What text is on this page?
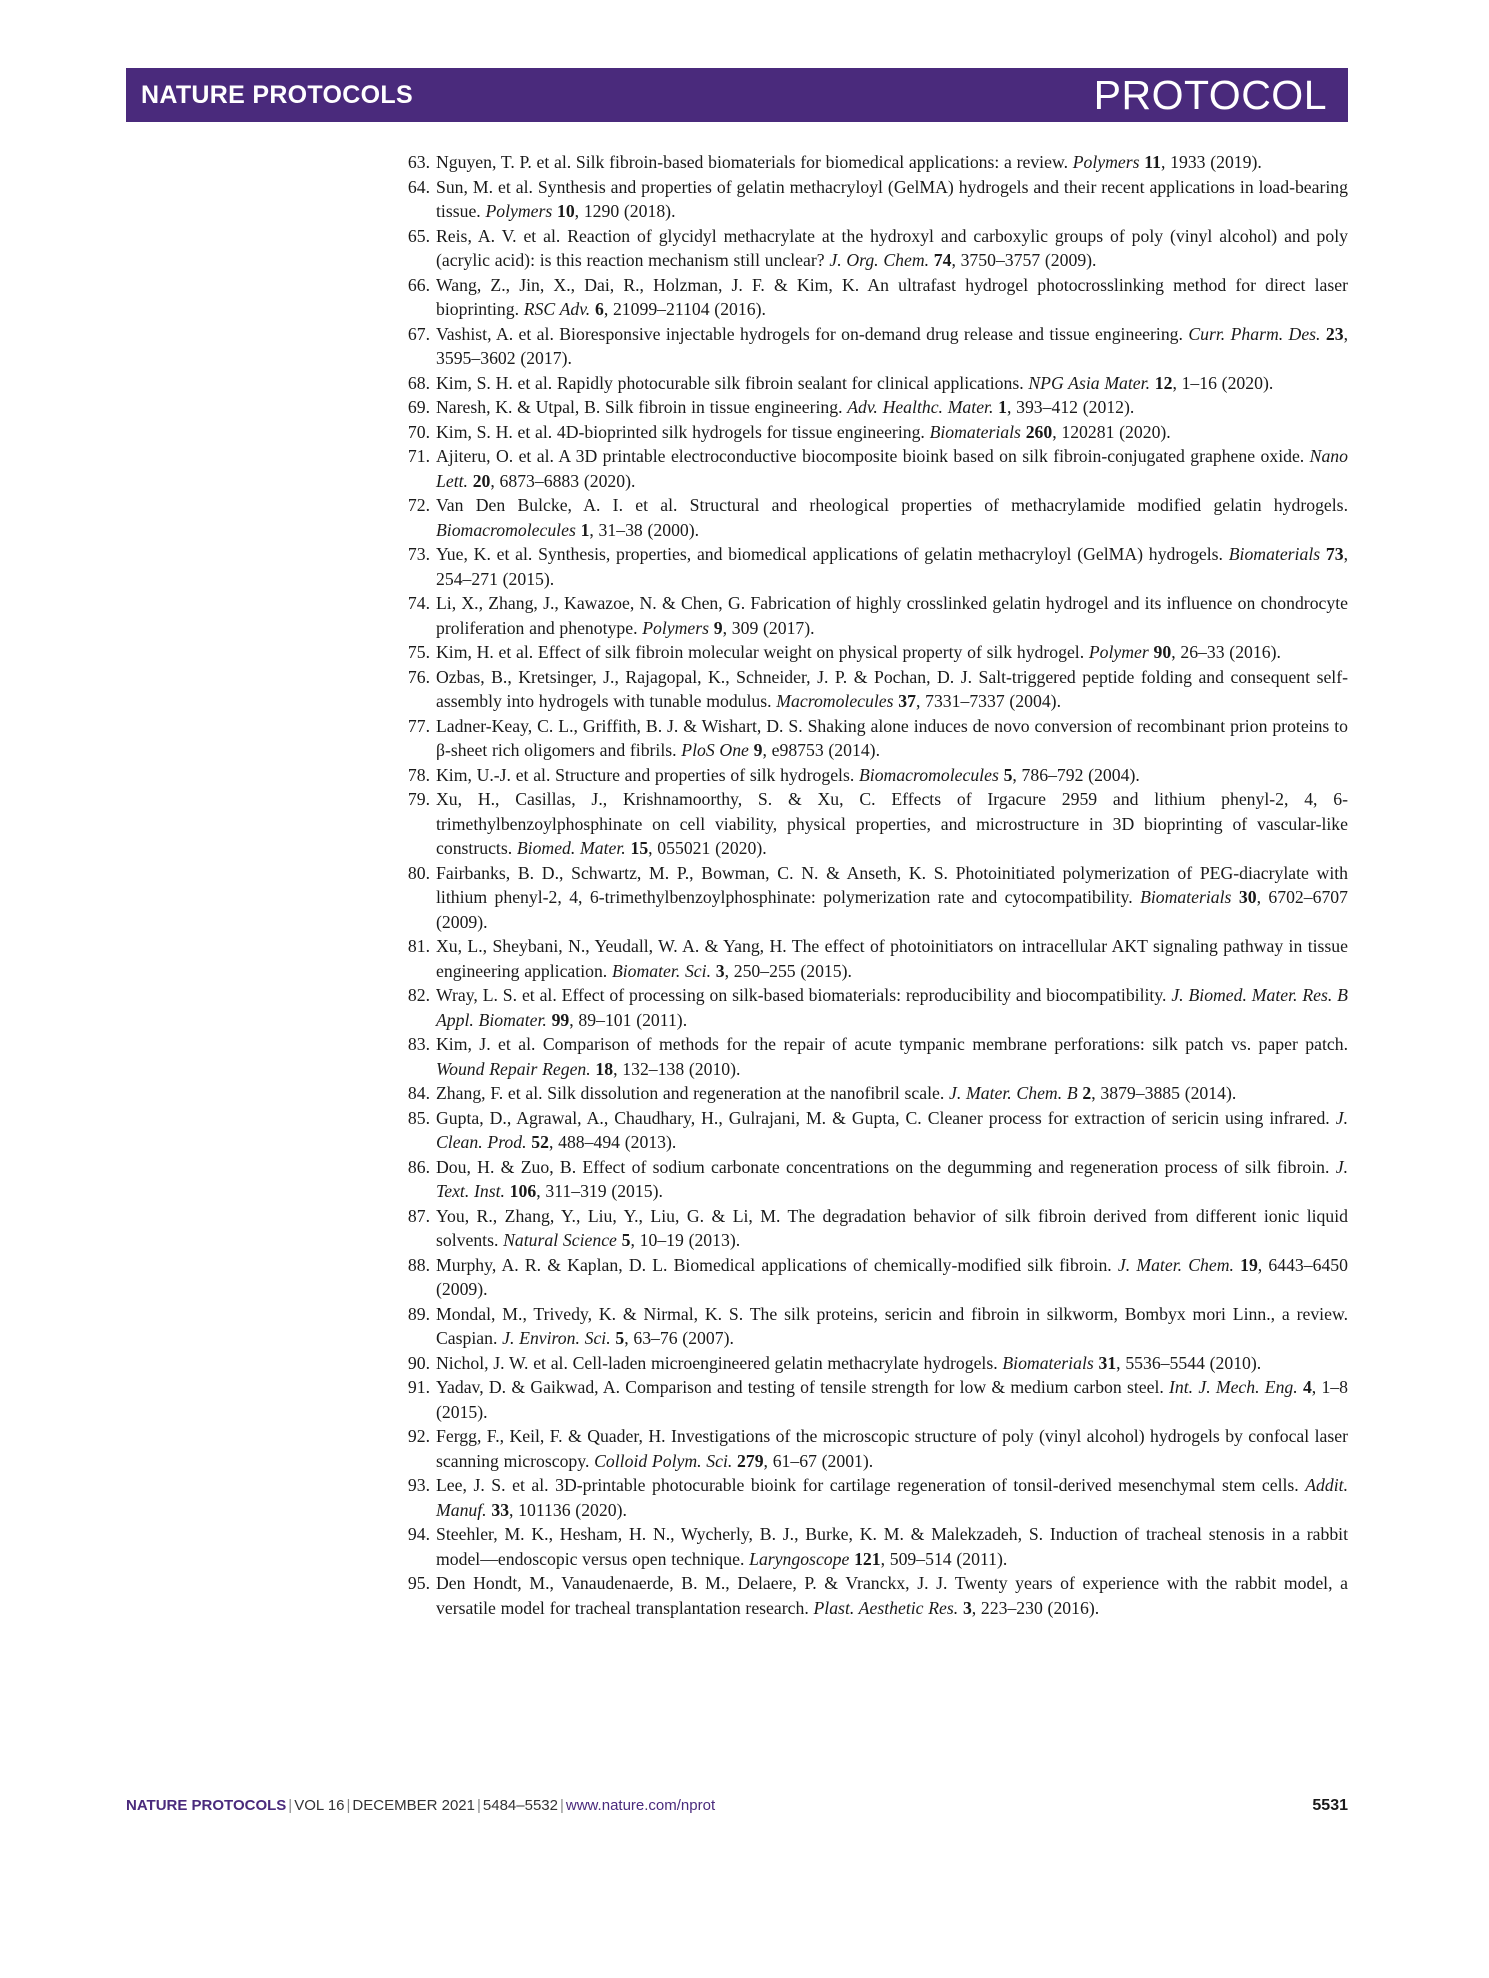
NATURE PROTOCOLS	PROTOCOL
63. Nguyen, T. P. et al. Silk fibroin-based biomaterials for biomedical applications: a review. Polymers 11, 1933 (2019).
64. Sun, M. et al. Synthesis and properties of gelatin methacryloyl (GelMA) hydrogels and their recent applications in load-bearing tissue. Polymers 10, 1290 (2018).
65. Reis, A. V. et al. Reaction of glycidyl methacrylate at the hydroxyl and carboxylic groups of poly (vinyl alcohol) and poly (acrylic acid): is this reaction mechanism still unclear? J. Org. Chem. 74, 3750–3757 (2009).
66. Wang, Z., Jin, X., Dai, R., Holzman, J. F. & Kim, K. An ultrafast hydrogel photocrosslinking method for direct laser bioprinting. RSC Adv. 6, 21099–21104 (2016).
67. Vashist, A. et al. Bioresponsive injectable hydrogels for on-demand drug release and tissue engineering. Curr. Pharm. Des. 23, 3595–3602 (2017).
68. Kim, S. H. et al. Rapidly photocurable silk fibroin sealant for clinical applications. NPG Asia Mater. 12, 1–16 (2020).
69. Naresh, K. & Utpal, B. Silk fibroin in tissue engineering. Adv. Healthc. Mater. 1, 393–412 (2012).
70. Kim, S. H. et al. 4D-bioprinted silk hydrogels for tissue engineering. Biomaterials 260, 120281 (2020).
71. Ajiteru, O. et al. A 3D printable electroconductive biocomposite bioink based on silk fibroin-conjugated graphene oxide. Nano Lett. 20, 6873–6883 (2020).
72. Van Den Bulcke, A. I. et al. Structural and rheological properties of methacrylamide modified gelatin hydrogels. Biomacromolecules 1, 31–38 (2000).
73. Yue, K. et al. Synthesis, properties, and biomedical applications of gelatin methacryloyl (GelMA) hydrogels. Biomaterials 73, 254–271 (2015).
74. Li, X., Zhang, J., Kawazoe, N. & Chen, G. Fabrication of highly crosslinked gelatin hydrogel and its influence on chondrocyte proliferation and phenotype. Polymers 9, 309 (2017).
75. Kim, H. et al. Effect of silk fibroin molecular weight on physical property of silk hydrogel. Polymer 90, 26–33 (2016).
76. Ozbas, B., Kretsinger, J., Rajagopal, K., Schneider, J. P. & Pochan, D. J. Salt-triggered peptide folding and consequent self-assembly into hydrogels with tunable modulus. Macromolecules 37, 7331–7337 (2004).
77. Ladner-Keay, C. L., Griffith, B. J. & Wishart, D. S. Shaking alone induces de novo conversion of recombinant prion proteins to β-sheet rich oligomers and fibrils. PloS One 9, e98753 (2014).
78. Kim, U.-J. et al. Structure and properties of silk hydrogels. Biomacromolecules 5, 786–792 (2004).
79. Xu, H., Casillas, J., Krishnamoorthy, S. & Xu, C. Effects of Irgacure 2959 and lithium phenyl-2, 4, 6-trimethylbenzoylphosphinate on cell viability, physical properties, and microstructure in 3D bioprinting of vascular-like constructs. Biomed. Mater. 15, 055021 (2020).
80. Fairbanks, B. D., Schwartz, M. P., Bowman, C. N. & Anseth, K. S. Photoinitiated polymerization of PEG-diacrylate with lithium phenyl-2, 4, 6-trimethylbenzoylphosphinate: polymerization rate and cytocompatibility. Biomaterials 30, 6702–6707 (2009).
81. Xu, L., Sheybani, N., Yeudall, W. A. & Yang, H. The effect of photoinitiators on intracellular AKT signaling pathway in tissue engineering application. Biomater. Sci. 3, 250–255 (2015).
82. Wray, L. S. et al. Effect of processing on silk-based biomaterials: reproducibility and biocompatibility. J. Biomed. Mater. Res. B Appl. Biomater. 99, 89–101 (2011).
83. Kim, J. et al. Comparison of methods for the repair of acute tympanic membrane perforations: silk patch vs. paper patch. Wound Repair Regen. 18, 132–138 (2010).
84. Zhang, F. et al. Silk dissolution and regeneration at the nanofibril scale. J. Mater. Chem. B 2, 3879–3885 (2014).
85. Gupta, D., Agrawal, A., Chaudhary, H., Gulrajani, M. & Gupta, C. Cleaner process for extraction of sericin using infrared. J. Clean. Prod. 52, 488–494 (2013).
86. Dou, H. & Zuo, B. Effect of sodium carbonate concentrations on the degumming and regeneration process of silk fibroin. J. Text. Inst. 106, 311–319 (2015).
87. You, R., Zhang, Y., Liu, Y., Liu, G. & Li, M. The degradation behavior of silk fibroin derived from different ionic liquid solvents. Natural Science 5, 10–19 (2013).
88. Murphy, A. R. & Kaplan, D. L. Biomedical applications of chemically-modified silk fibroin. J. Mater. Chem. 19, 6443–6450 (2009).
89. Mondal, M., Trivedy, K. & Nirmal, K. S. The silk proteins, sericin and fibroin in silkworm, Bombyx mori Linn., a review. Caspian. J. Environ. Sci. 5, 63–76 (2007).
90. Nichol, J. W. et al. Cell-laden microengineered gelatin methacrylate hydrogels. Biomaterials 31, 5536–5544 (2010).
91. Yadav, D. & Gaikwad, A. Comparison and testing of tensile strength for low & medium carbon steel. Int. J. Mech. Eng. 4, 1–8 (2015).
92. Fergg, F., Keil, F. & Quader, H. Investigations of the microscopic structure of poly (vinyl alcohol) hydrogels by confocal laser scanning microscopy. Colloid Polym. Sci. 279, 61–67 (2001).
93. Lee, J. S. et al. 3D-printable photocurable bioink for cartilage regeneration of tonsil-derived mesenchymal stem cells. Addit. Manuf. 33, 101136 (2020).
94. Steehler, M. K., Hesham, H. N., Wycherly, B. J., Burke, K. M. & Malekzadeh, S. Induction of tracheal stenosis in a rabbit model—endoscopic versus open technique. Laryngoscope 121, 509–514 (2011).
95. Den Hondt, M., Vanaudenaerde, B. M., Delaere, P. & Vranckx, J. J. Twenty years of experience with the rabbit model, a versatile model for tracheal transplantation research. Plast. Aesthetic Res. 3, 223–230 (2016).
NATURE PROTOCOLS | VOL 16 | DECEMBER 2021 | 5484–5532 | www.nature.com/nprot	5531
